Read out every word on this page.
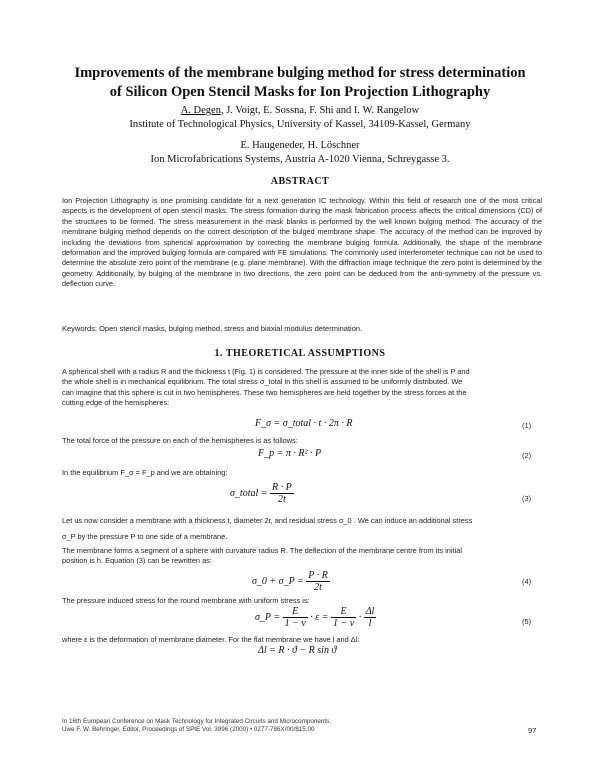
Improvements of the membrane bulging method for stress determination
of Silicon Open Stencil Masks for Ion Projection Lithography
A. Degen, J. Voigt, E. Sossna, F. Shi and I. W. Rangelow
Institute of Technological Physics, University of Kassel, 34109-Kassel, Germany
E. Haugeneder, H. Löschner
Ion Microfabrications Systems, Austria A-1020 Vienna, Schreygasse 3.
ABSTRACT
Ion Projection Lithography is one promising candidate for a next generation IC technology. Within this field of research one of the most critical aspects is the development of open stencil masks. The stress formation during the mask fabrication process affects the critical dimensions (CD) of the structures to be formed. The stress measurement in the mask blanks is performed by the well known bulging method. The accuracy of the membrane bulging method depends on the correct description of the bulged membrane shape. The accuracy of the method can be improved by including the deviations from spherical approximation by correcting the membrane bulging formula. Additionally, the shape of the membrane deformation and the improved bulging formula are compared with FE simulations. The commonly used interferometer technique can not be used to determine the absolute zero point of the membrane (e.g. plane membrane). With the diffraction image technique the zero point is determined by the geometry. Additionally, by bulging of the membrane in two directions, the zero point can be deduced from the anti-symmetry of the pressure vs. deflection curve.
Keywords: Open stencil masks, bulging method, stress and biaxial modulus determination.
1. THEORETICAL ASSUMPTIONS
A spherical shell with a radius R and the thickness t (Fig. 1) is considered. The pressure at the inner side of the shell is P and
the whole shell is in mechanical equilibrium. The total stress σ_total in this shell is assumed to be uniformly distributed. We
can imagine that this sphere is cut in two hemispheres. These two hemispheres are held together by the stress forces at the
cutting edge of the hemispheres:
F_σ = σ_total · t · 2π · R	(1)
The total force of the pressure on each of the hemispheres is as follows:
F_p = π · R² · P	(2)
In the equilibrium F_σ = F_p and we are obtaining:
σ_total = $\frac{R \cdot P}{2t}$	(3)
Let us now consider a membrane with a thickness t, diameter 2r, and residual stress σ_0 . We can induce an additional stress
σ_P by the pressure P to one side of a membrane.
The membrane forms a segment of a sphere with curvature radius R. The deflection of the membrane centre from its initial
position is h. Equation (3) can be rewritten as:
σ_0 + σ_P = $\frac{P \cdot R}{2t}$	(4)
The pressure induced stress for the round membrane with uniform stress is:
σ_P = $\frac{E}{1 - \nu} \cdot \varepsilon = \frac{E}{1 - \nu} \cdot \frac{\Delta l}{l}$	(5)
where ε is the deformation of membrane diameter. For the flat membrane we have l and Δl:
Δl = R · ϑ − R sin ϑ
In 16th European Conference on Mask Technology for Integrated Circuits and Microcomponents,
Uwe F. W. Behringer, Editor, Proceedings of SPIE Vol. 3996 (2000) • 0277-786X/00/$15.00	97
